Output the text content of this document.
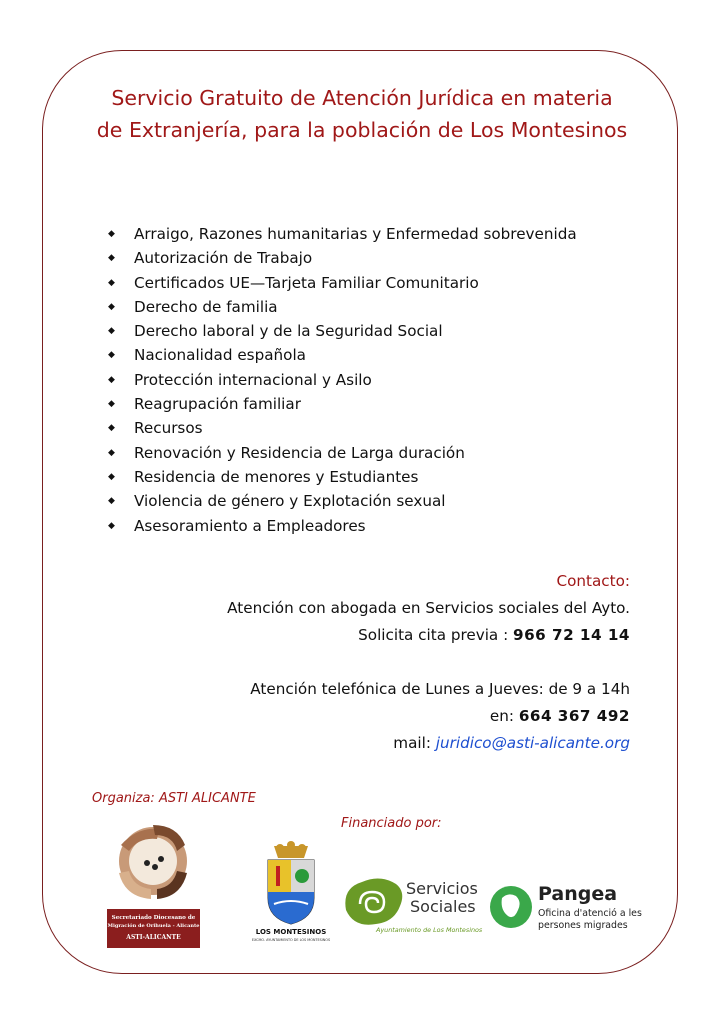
Servicio Gratuito de Atención Jurídica en materia
de Extranjería, para la población de Los Montesinos
◆	Arraigo, Razones humanitarias y Enfermedad sobrevenida
◆	Autorización de Trabajo
◆	Certificados UE—Tarjeta Familiar Comunitario
◆	Derecho de familia
◆	Derecho laboral y de la Seguridad Social
◆	Nacionalidad española
◆	Protección internacional y Asilo
◆	Reagrupación familiar
◆	Recursos
◆	Renovación y Residencia de Larga duración
◆	Residencia de menores y Estudiantes
◆	Violencia de género y Explotación sexual
◆	Asesoramiento a Empleadores
Contacto:
Atención con abogada en Servicios sociales del Ayto.
Solicita cita previa : 966 72 14 14
Atención telefónica de Lunes a Jueves: de 9 a 14h
en: 664 367 492
mail: juridico@asti-alicante.org
Organiza: ASTI ALICANTE
Financiado por:
Secretariado Diocesano de
Migración de Orihuela - Alicante
ASTI-ALICANTE
LOS MONTESINOS
EXCMO. AYUNTAMIENTO DE LOS MONTESINOS
Servicios
Sociales
Ayuntamiento de Los Montesinos
Pangea
Oficina d'atenció a les
persones migrades
